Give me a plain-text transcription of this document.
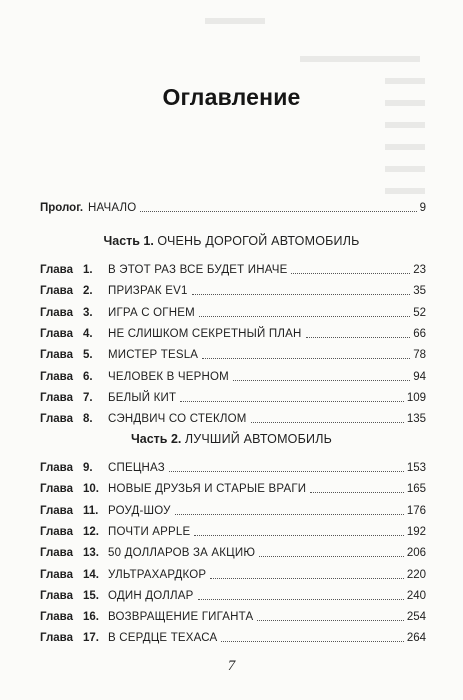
Оглавление
Пролог. НАЧАЛО	9
Часть 1. ОЧЕНЬ ДОРОГОЙ АВТОМОБИЛЬ
Глава 1.	В ЭТОТ РАЗ ВСЕ БУДЕТ ИНАЧЕ	23
Глава 2.	ПРИЗРАК EV1	35
Глава 3.	ИГРА С ОГНЕМ	52
Глава 4.	НЕ СЛИШКОМ СЕКРЕТНЫЙ ПЛАН	66
Глава 5.	МИСТЕР TESLA	78
Глава 6.	ЧЕЛОВЕК В ЧЕРНОМ	94
Глава 7.	БЕЛЫЙ КИТ	109
Глава 8.	СЭНДВИЧ СО СТЕКЛОМ	135
Часть 2. ЛУЧШИЙ АВТОМОБИЛЬ
Глава 9.	СПЕЦНАЗ	153
Глава 10. НОВЫЕ ДРУЗЬЯ И СТАРЫЕ ВРАГИ	165
Глава 11. РОУД-ШОУ	176
Глава 12. ПОЧТИ APPLE	192
Глава 13. 50 ДОЛЛАРОВ ЗА АКЦИЮ	206
Глава 14. УЛЬТРАХАРДКОР	220
Глава 15. ОДИН ДОЛЛАР	240
Глава 16. ВОЗВРАЩЕНИЕ ГИГАНТА	254
Глава 17. В СЕРДЦЕ ТЕХАСА	264
7
